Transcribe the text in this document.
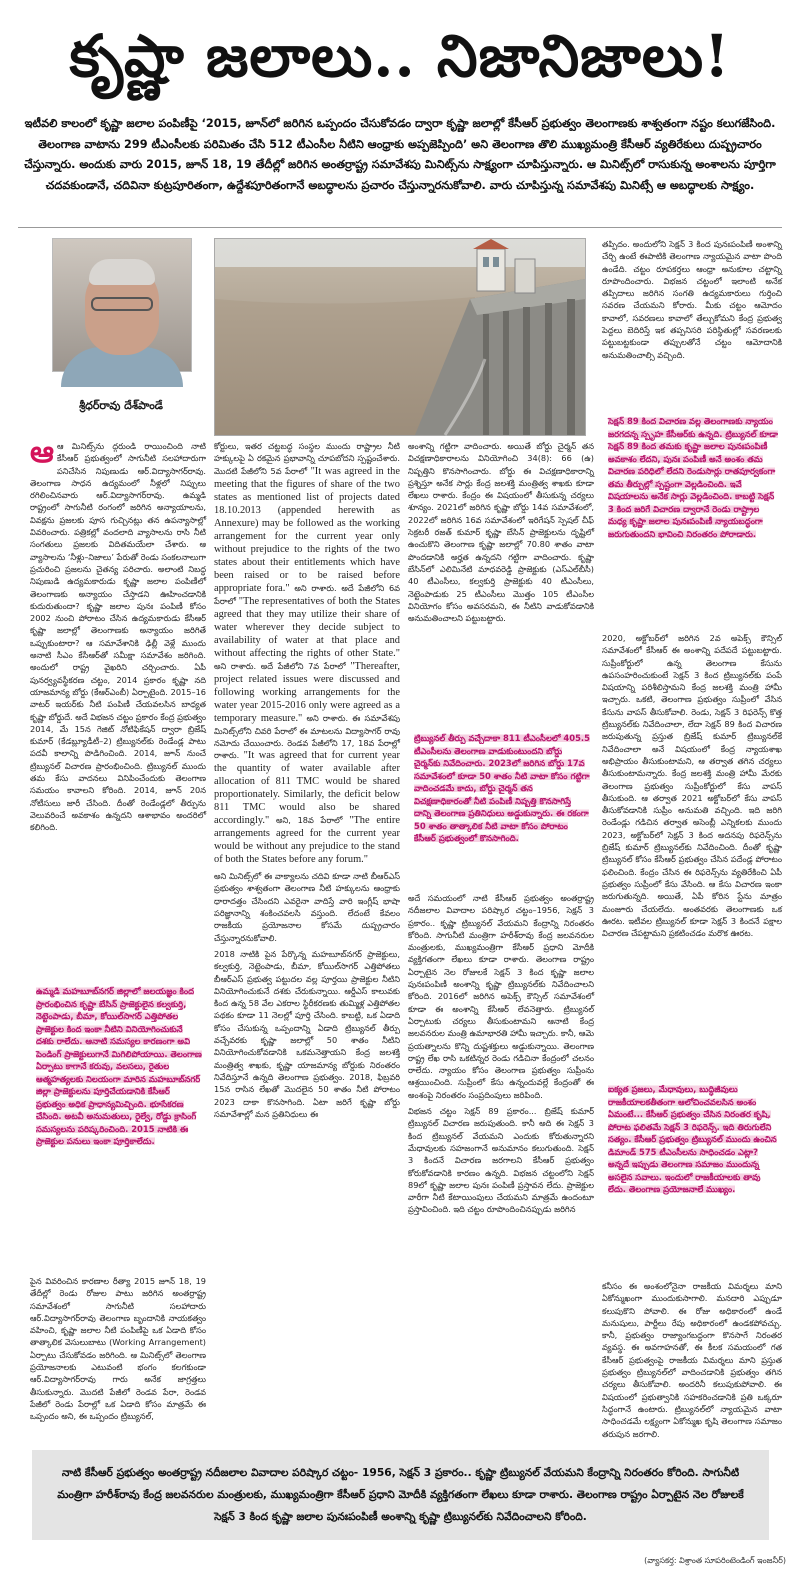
కృష్ణా జలాలు.. నిజానిజాలు!
ఇటీవలి కాలంలో కృష్ణా జలాల పంపిణీపై ‘2015, జూన్‌లో జరిగిన ఒప్పందం చేసుకోవడం ద్వారా కృష్ణా జలాల్లో కేసీఆర్ ప్రభుత్వం తెలంగాణకు శాశ్వతంగా నష్టం కలుగజేసింది. తెలంగాణ వాటాను 299 టీఎంసీలకు పరిమితం చేసి 512 టీఎంసీల నీటిని ఆంధ్రాకు అప్పజెప్పింది’ అని తెలంగాణ తొలి ముఖ్యమంత్రి కేసీఆర్ వ్యతిరేకులు దుష్ప్రచారం చేస్తున్నారు. అందుకు వారు 2015, జూన్ 18, 19 తేదీల్లో జరిగిన అంతర్రాష్ట్ర సమావేశపు మినిట్స్‌ను సాక్ష్యంగా చూపిస్తున్నారు. ఆ మినిట్స్‌లో రాసుకున్న అంశాలను పూర్తిగా చదవకుండానే, చదివినా కుట్రపూరితంగా, ఉద్దేశపూరితంగానే అబద్ధాలను ప్రచారం చేస్తున్నారనుకోవాలి. వారు చూపిస్తున్న సమావేశపు మినిట్సే ఆ అబద్ధాలకు సాక్ష్యం.
శ్రీధర్‌రావు దేశ్‌పాండే

ఆఆ మినిట్స్‌ను ద్గరుండి రాయించింది నాటి కేసీఆర్ ప్రభుత్వంలో సాగునీటి సలహాదారుగా పనిచేసిన నిపుణుడు ఆర్.విద్యాసాగర్‌రావు. తెలంగాణ సాధన ఉద్యమంలో నీళ్ల‌లో నిప్పులు రగిలించినవారు ఆర్.విద్యాసాగర్‌రావు. ఉమ్మడి రాష్ట్రంలో సాగునీటి రంగంలో జరిగిన అన్యాయాలను, వివక్షను ప్రజలకు పూస గుచ్చినట్లు తన ఉపన్యాసాల్లో వివరించారు. పత్రికల్లో వందలాది వ్యాసాలను రాసి నీటి సంగతులు ప్రజలకు విదితమయేలా చేశారు. ఆ వ్యాసాలను ‘నీళ్లు–నిజాలు’ పేరుతో రెండు సంకలనాలుగా ప్రచురించి ప్రజలను చైతన్య పరిచారు. అలాంటి నిబద్ధ నిపుణుడి ఉద్యమకారుడు కృష్ణా జలాల పంపిణీలో తెలంగాణకు అన్యాయం చేస్తాడని ఊహించడానికి కుదురుతుందా? కృష్ణా జలాల పునః పంపిణీ కోసం 2002 నుంచి పోరాటం చేసిన ఉద్యమకారుడు కేసీఆర్ కృష్ణా జలాల్లో తెలంగాణకు అన్యాయం జరిగితే ఒప్పుకుంటారా? ఆ సమావేశానికి ఢిల్లీ వెళ్లే ముందు అనాటి సీఎం కేసీఆర్‌తో సమీక్షా సమావేశం జరిగింది. అందులో రాష్ట్ర వైఖరిని చర్చించారు. ఏపీ పునర్వ్యవస్థీకరణ చట్టం, 2014 ప్రకారం కృష్ణా నది యాజమాన్య బోర్డు (కేఆర్ఎంబీ) ఏర్పాటైంది. 2015–16 వాటర్ ఇయర్‌కు నీటి పంపిణీ చేయవలసిన బాధ్యత కృష్ణా బోర్డుదే. అదే విభజన చట్టం ప్రకారం కేంద్ర ప్రభుత్వం 2014, మే 15న గెజిట్ నోటిఫికేషన్ ద్వారా బ్రిజేష్ కుమార్ (కేడబ్ల్యూడీటీ–2) ట్రిబ్యునల్‌కు రెండేండ్ల పాటు పదవీ కాలాన్ని పొడిగించింది. 2014, జూన్ నుంచే ట్రిబ్యునల్ విచారణ ప్రారంభించింది. ట్రిబ్యునల్ ముందు తమ కేసు వాదనలు వినిపించేందుకు తెలంగాణ సమయం కావాలని కోరింది. 2014, జూన్ 20న నోటీసులు జారీ చేసింది. దీంతో రెండేండ్లలో తీర్పును వెలువరించే అవకాశం ఉన్నదని ఆశాభావం అందరిలో కలిగింది.

ఉమ్మడి మహబూబ్‌నగర్ జిల్లాలో జలయజ్ఞం కింద ప్రారంభించిన కృష్ణా బేసిన్ ప్రాజెక్టులైన కల్వకుర్తి, నెట్టెంపాడు, బీమా, కోయిల్‌సాగర్ ఎత్తిపోతల ప్రాజెక్టుల కింద ఇంకా నీటిని వినియోగించుకునే దశకు రాలేదు. ఆనాటి సమస్యల కారణంగా అవి పెండింగ్ ప్రాజెక్టులుగానే మిగిలిపోయాయి. తెలంగాణ ఏర్పాటు కాగానే కరువు, వలసలు, రైతుల ఆత్మహత్యలకు నిలయంగా మారిన మహబూబ్‌నగర్ జిల్లా ప్రాజెక్టులను పూర్తిచేయడానికి కేసీఆర్ ప్రభుత్వం అధిక ప్రాధాన్యమిచ్చింది. భూసేకరణ చేసింది. అటవీ అనుమతులు, రైల్వే, రోడ్డు క్రాసింగ్ సమస్యలను పరిష్కరించింది. 2015 నాటికి ఈ ప్రాజెక్టుల పనులు ఇంకా పూర్తికాలేదు.
పైన వివరించిన కారణాల రీత్యా 2015 జూన్ 18, 19 తేదీల్లో రెండు రోజుల పాటు జరిగిన అంతర్రాష్ట్ర సమావేశంలో సాగునీటి సలహాదారు ఆర్.విద్యాసాగర్‌రావు తెలంగాణ బృందానికి నాయకత్వం వహించి, కృష్ణా జలాల నీటి పంపిణీపై ఒక ఏడాది కోసం తాత్కాలిక వెసులుబాటు (Working Arrangement) ఏర్పాటు చేసుకోవడం జరిగింది. ఆ మినిట్స్‌లో తెలంగాణ ప్రయోజనాలకు ఎటువంటి భంగం కలగకుండా ఆర్.విద్యాసాగర్‌రావు గారు అనేక జాగ్రత్తలు తీసుకున్నారు. మొదటి పేజీలో రెండవ పేరా, రెండవ పేజీలో రెండు పేరాల్లో ఒక ఏడాది కోసం మాత్రమే ఈ ఒప్పందం అని, ఈ ఒప్పందం ట్రిబ్యునల్,

కోర్టులు, ఇతర చట్టబద్ధ సంస్థల ముందు రాష్ట్రాల నీటి హక్కులపై ఏ రకమైన ప్రభావాన్ని చూపబోదని స్పష్టంచేశారు. మొదటి పేజీలోని 5వ పేరాలో "It was agreed in the meeting that the figures of share of the two states as mentioned list of projects dated 18.10.2013 (appended herewith as Annexure) may be followed as the working arrangement for the current year only without prejudice to the rights of the two states about their entitlements which have been raised or to be raised before appropriate fora." అని రాశారు. అదే పేజీలోని 6వ పేరాలో "The representatives of both the States agreed that they may utilize their share of water wherever they decide subject to availability of water at that place and without affecting the rights of other State." అని రాశారు. అదే పేజీలోని 7వ పేరాలో "Thereafter, project related issues were discussed and following working arrangements for the water year 2015-2016 only were agreed as a temporary measure." అని రాశారు. ఈ సమావేశపు మినిట్స్‌లోని చివరి పేరాలో ఈ మాటలను విద్యాసాగర్ రావు నమోదు చేయించారు. రెండవ పేజీలోని 17, 18వ పేరాల్లో రాశారు. "It was agreed that for current year the quantity of water available after allocation of 811 TMC would be shared proportionately. Similarly, the deficit below 811 TMC would also be shared accordingly." అని, 18వ పేరాలో "The entire arrangements agreed for the current year would be without any prejudice to the stand of both the States before any forum."

అని మినిట్స్‌లో ఈ వాక్యాలను చదివి కూడా నాటి బీఆర్ఎస్ ప్రభుత్వం శాశ్వతంగా తెలంగాణ నీటి హక్కులను ఆంధ్రాకు ధారాదత్తం చేసిందని ఎవరైనా వాదిస్తే వారి ఇంగ్లీష్ భాషా పరిజ్ఞానాన్ని శంకించవలసి వస్తుంది. లేదంటే కేవలం రాజకీయ ప్రయోజనాల కోసమే దుష్ప్రచారం చేస్తున్నారనుకోవాలి.

2018 నాటికి పైన పేర్కొన్న మహబూబ్‌నగర్ ప్రాజెక్టులు, కల్వకుర్తి, నెట్టెంపాడు, బీమా, కోయిల్‌సాగర్ ఎత్తిపోతలు బీఆర్ఎస్ ప్రభుత్వ పట్టుదల వల్ల పూర్తయి ప్రాజెక్టుల నీటిని వినియోగించుకునే దశకు చేరుకున్నాయి. ఆర్డీఎస్ కాలువకు కింద ఉన్న 58 వేల ఎకరాల స్థిరీకరణకు తుమ్మిళ్ల ఎత్తిపోతల పథకం కూడా 11 నెలల్లో పూర్తి చేసింది. కాబట్టి, ఒక ఏడాది కోసం చేసుకున్న ఒప్పందాన్ని ఏడాది ట్రిబ్యునల్ తీర్పు వచ్చేవరకు కృష్ణా జలాల్లో 50 శాతం నీటిని వినియోగించుకోవడానికి ఒకమనెత్తాయని కేంద్ర జలశక్తి మంత్రిత్వ శాఖకు, కృష్ణా యాజమాన్య బోర్డుకు నిరంతరం నివేదిస్తూనే ఉన్నది తెలంగాణ ప్రభుత్వం. 2018, ఫిబ్రవరి 15న రాసిన లేఖతో మొదలైన 50 శాతం నీటి పోరాటం 2023 దాకా కొనసాగింది. ఏటా జరిగే కృష్ణా బోర్డు సమావేశాల్లో మన ప్రతినిధులు ఈ

అంశాన్ని గట్టిగా వాదించారు. అయితే బోర్డు చైర్మన్ తన విచక్షణాధికారాలను వినియోగించి 34(8): 66 (ఉ) నిష్పత్తిని కొనసాగించారు. బోర్డు ఈ విచక్షణాధికారాన్ని ప్రశ్నిస్తూ అనేక సార్లు కేంద్ర జలశక్తి మంత్రిత్వ శాఖకు కూడా లేఖలు రాశారు. కేంద్రం ఈ విషయంలో తీసుకున్న చర్యలు శూన్యం. 2021లో జరిగిన కృష్ణా బోర్డు 14వ సమావేశంలో, 2022లో జరిగిన 16వ సమావేశంలో ఇరిగేషన్ స్పెషల్ చీఫ్ సెక్రటరీ రజత్ కుమార్ కృష్ణా బేసిన్ ప్రాజెక్టులను దృష్టిలో ఉంచుకొని తెలంగాణ కృష్ణా జలాల్లో 70.80 శాతం వాటా పొందడానికి అర్హత ఉన్నదని గట్టిగా వాదించారు. కృష్ణా బేసిన్‌లో ఎలిమినేటి మాధవరెడ్డి ప్రాజెక్టుకు (ఎస్ఎల్‌బీసీ) 40 టీఎంసీలు, కల్వకుర్తి ప్రాజెక్టుకు 40 టీఎంసీలు, నెట్టెంపాడుకు 25 టీఎంసీలు మొత్తం 105 టీఎంసీల వినియోగం కోసం అవసరమని, ఈ నీటిని వాడుకోవడానికి అనుమతించాలని పట్టుబట్టారు.
ట్రిబ్యునల్ తీర్పు వచ్చేదాకా 811 టీఎంసీలలో 405.5 టీఎంసీలను తెలంగాణ వాడుకుంటుందని బోర్డు చైర్మన్‌కు నివేదించారు. 2023లో జరిగిన బోర్డు 17వ సమావేశంలో కూడా 50 శాతం నీటి వాటా కోసం గట్టిగా వాదించడమే కాదు, బోర్డు చైర్మన్ తన విచక్షణాధికారంతో నీటి పంపిణీ నిష్పత్తి కొనసాగిస్తే దాన్ని తెలంగాణ ప్రతినిధులు అడ్డుకున్నారు. ఈ రకంగా 50 శాతం తాత్కాలిక నీటి వాటా కోసం పోరాటం కేసీఆర్ ప్రభుత్వంలో కొనసాగింది.

అదే సమయంలో నాటి కేసీఆర్ ప్రభుత్వం అంతర్రాష్ట్ర నదీజలాల వివాదాల పరిష్కార చట్టం–1956, సెక్షన్ 3 ప్రకారం.. కృష్ణా ట్రిబ్యునల్ వేయమని కేంద్రాన్ని నిరంతరం కోరింది. సాగునీటి మంత్రిగా హరీశ్‌రావు కేంద్ర జలవనరుల మంత్రులకు, ముఖ్యమంత్రిగా కేసీఆర్ ప్రధాని మోదీకి వ్యక్తిగతంగా లేఖలు కూడా రాశారు. తెలంగాణ రాష్ట్రం ఏర్పాటైన నెల రోజులకే సెక్షన్ 3 కింద కృష్ణా జలాల పునఃపంపిణీ అంశాన్ని కృష్ణా ట్రిబ్యునల్‌కు నివేదించాలని కోరింది. 2016లో జరిగిన అపెక్స్ కౌన్సిల్ సమావేశంలో కూడా ఈ అంశాన్ని కేసీఆర్ లేవనెత్తారు. ట్రిబ్యునల్ ఏర్పాటుకు చర్యలు తీసుకుంటామని ఆనాటి కేంద్ర జలవనరుల మంత్రి ఉమాభారతి హామీ ఇచ్చారు. కానీ, ఆమె ప్రయత్నాలను కొన్ని దుష్టశక్తులు అడ్డుకున్నాయి. తెలంగాణ రాష్ట్ర లేఖ రాసి ఒకటిన్నర రెండు గడిచినా కేంద్రంలో చలనం రాలేదు. న్యాయం కోసం తెలంగాణ ప్రభుత్వం సుప్రీంను ఆశ్రయించింది. సుప్రీంలో కేసు ఉన్నందువల్లే కేంద్రంతో ఈ అంశంపై నిరంతరం సంప్రదింపులు జరిపింది.

విభజన చట్టం సెక్షన్ 89 ప్రకారం... బ్రిజేష్ కుమార్ ట్రిబ్యునల్ విచారణ జరుపుతుంది. కానీ అది ఈ సెక్షన్ 3 కింద ట్రిబ్యునల్ వేయమని ఎందుకు కోరుతున్నారని మేధావులకు సహజంగానే అనుమానం కలుగుతుంది. సెక్షన్ 3 కిందనే విచారణ జరగాలని కేసీఆర్ ప్రభుత్వం కోరుకోవడానికి కారణం ఉన్నది. విభజన చట్టంలోని సెక్షన్ 89లో కృష్ణా జలాల పునః పంపిణీ ప్రస్తావన లేదు. ప్రాజెక్టుల వారీగా నీటి కేటాయింపులు చేయమని మాత్రమే ఉందంటూ ప్రస్తావించింది. ఇది చట్టం రూపొందించినప్పుడు జరిగిన

తప్పిదం. అందులోని సెక్షన్ 3 కింద పునఃపంపిణీ అంశాన్ని చేర్చి ఉంటే ఈపాటికి తెలంగాణ న్యాయమైన వాటా పొంది ఉండేది. చట్టం రూపకర్తలు ఆంధ్రా అనుకూల చట్టాన్ని రూపొందించారు. విభజన చట్టంలో ఇలాంటి అనేక తప్పిదాలు జరిగిన సంగతి ఉద్యమకారులు గుర్తించి సవరణ చేయమని కోరారు. మీకు చట్టం ఆమోదం కావాలో, సవరణలు కావాలో తేల్చుకోమని కేంద్ర ప్రభుత్వ పెద్దలు బెదిరిస్తే ఇక తప్పనిసరి పరిస్థితుల్లో సవరణలకు పట్టుబట్టకుండా తప్పులతోనే చట్టం ఆమోదానికి అనుమతించాల్సి వచ్చింది.
సెక్షన్ 89 కింద విచారణ వల్ల తెలంగాణకు న్యాయం జరగదన్న స్పృహ కేసీఆర్‌కు ఉన్నది. ట్రిబ్యునల్ కూడా సెక్షన్ 89 కింద తమకు కృష్ణా జలాల పునఃపంపిణీ అవకాశం లేదని, పునః పంపిణీ అనే అంశం తమ విచారణ పరిధిలో లేదని రెండుసార్లు రాతపూర్వకంగా తమ తీర్పుల్లో స్పష్టంగా వెల్లడించింది. ఇవే విషయాలను అనేక సార్లు వెల్లడించింది. కాబట్టి సెక్షన్ 3 కింద జరిగే విచారణ ద్వారానే రెండు రాష్ట్రాల మధ్య కృష్ణా జలాల పునఃపంపిణీ న్యాయబద్ధంగా జరుగుతుందని భావించి నిరంతరం పోరాడారు.
2020, అక్టోబర్‌లో జరిగిన 2వ అపెక్స్ కౌన్సిల్ సమావేశంలో కేసీఆర్ ఈ అంశాన్ని పదేపదే పట్టుబట్టారు. సుప్రీంకోర్టులో ఉన్న తెలంగాణ కేసును ఉపసంహరించుకుంటే సెక్షన్ 3 కింద ట్రిబ్యునల్‌కు పంపే విషయాన్ని పరిశీలిస్తామని కేంద్ర జలశక్తి మంత్రి హామీ ఇచ్చారు. ఒకటి, తెలంగాణ ప్రభుత్వం సుప్రీంలో వేసిన కేసును వాపస్ తీసుకోవాలి. రెండు, సెక్షన్ 3 రిఫరెన్స్ కొత్త ట్రిబ్యునల్‌కు నివేదించాలా, లేదా సెక్షన్ 89 కింద విచారణ జరుపుతున్న ప్రస్తుత బ్రిజేష్ కుమార్ ట్రిబ్యునల్‌కే నివేదించాలా అనే విషయంలో కేంద్ర న్యాయశాఖ అభిప్రాయం తీసుకుంటామని, ఆ తర్వాత తగిన చర్యలు తీసుకుంటామన్నారు. కేంద్ర జలశక్తి మంత్రి హామీ మేరకు తెలంగాణ ప్రభుత్వం సుప్రీంకోర్టులో కేసు వాపస్ తీసుకుంది. ఆ తర్వాత 2021 అక్టోబర్‌లో కేసు వాపస్ తీసుకోవడానికి సుప్రీం అనుమతి వచ్చింది. ఇది జరిగి రెండేండ్లు గడిచిన తర్వాత అసెంబ్లీ ఎన్నికలకు ముందు 2023, అక్టోబర్‌లో సెక్షన్ 3 కింద అదనపు రిఫరెన్స్‌ను బ్రిజేష్ కుమార్ ట్రిబ్యునల్‌కు నివేదించింది. దీంతో కృష్ణా ట్రిబ్యునల్ కోసం కేసీఆర్ ప్రభుత్వం చేసిన పదేండ్ల పోరాటం ఫలించింది. కేంద్రం చేసిన ఈ రిఫరెన్స్‌ను వ్యతిరేకించి ఏపీ ప్రభుత్వం సుప్రీంలో కేసు వేసింది. ఆ కేసు విచారణ ఇంకా జరుగుతున్నది. అయితే, ఏపీ కోరిన స్టేను మాత్రం మంజూరు చేయలేదు. అంతవరకు తెలంగాణకు ఒక ఊరట. ఇటీవల ట్రిబ్యునల్ కూడా సెక్షన్ 3 కిందనే పక్షాల విచారణ చేపట్టామని ప్రకటించడం మరొక ఊరట.
ఐక్యత ప్రజలు, మేధావులు, బుద్ధిజీవులు రాజకీయాలకతీతంగా ఆలోచించవలసిన అంశం ఏమంటే... కేసీఆర్ ప్రభుత్వం చేసిన నిరంతర కృషి, పోరాట ఫలితమే సెక్షన్ 3 రిఫరెన్స్. ఇది తిరుగులేని సత్యం. కేసీఆర్ ప్రభుత్వం ట్రిబ్యునల్ ముందు ఉంచిన డిమాండ్ 575 టీఎంసీలను సాధించడం ఎట్లా? అన్నదే ఇప్పుడు తెలంగాణ సమాజం ముందున్న అసలైన సవాలు. ఇందులో రాజకీయాలకు తావు లేదు. తెలంగాణ ప్రయోజనాలే ముఖ్యం.
కనీసం ఈ అంశంలోనైనా రాజకీయ విమర్శలు మాని ఏకోన్ముఖంగా ముందుకుసాగాలి. మనదారి ఎప్పుడూ కలుపుకొని పోవాలి. ఈ రోజు అధికారంలో ఉండే మనుషులు, పార్టీలు రేపు అధికారంలో ఉండకపోవచ్చు. కానీ, ప్రభుత్వం రాజ్యాంగబద్ధంగా కొనసాగే నిరంతర వ్యవస్థ. ఈ అవగాహనతో, ఈ కీలక సమయంలో గత కేసీఆర్ ప్రభుత్వంపై రాజకీయ విమర్శలు మాని ప్రస్తుత ప్రభుత్వం ట్రిబ్యునల్‌లో వాదించడానికి ప్రభుత్వం తగిన చర్యలు తీసుకోవాలి. అందరినీ కలుపుకుపోవాలి. ఈ విషయంలో ప్రభుత్వానికి సహకరించడానికి ప్రతి ఒక్కరూ సిద్ధంగానే ఉంటారు. ట్రిబ్యునల్‌లో న్యాయమైన వాటా సాధించడమే లక్ష్యంగా ఏకోన్ముఖ కృషి తెలంగాణ సమాజం తరుపున జరగాలి.
నాటి కేసీఆర్ ప్రభుత్వం అంతర్రాష్ట్ర నదీజలాల వివాదాల పరిష్కార చట్టం- 1956, సెక్షన్ 3 ప్రకారం.. కృష్ణా ట్రిబ్యునల్ వేయమని కేంద్రాన్ని నిరంతరం కోరింది. సాగునీటి మంత్రిగా హరీశ్‌రావు కేంద్ర జలవనరుల మంత్రులకు, ముఖ్యమంత్రిగా కేసీఆర్ ప్రధాని మోదీకి వ్యక్తిగతంగా లేఖలు కూడా రాశారు. తెలంగాణ రాష్ట్రం ఏర్పాటైన నెల రోజులకే సెక్షన్ 3 కింద కృష్ణా జలాల పునఃపంపిణీ అంశాన్ని కృష్ణా ట్రిబ్యునల్‌కు నివేదించాలని కోరింది.
(వ్యాసకర్త: విశ్రాంత సూపరింటెండింగ్ ఇంజనీర్)
